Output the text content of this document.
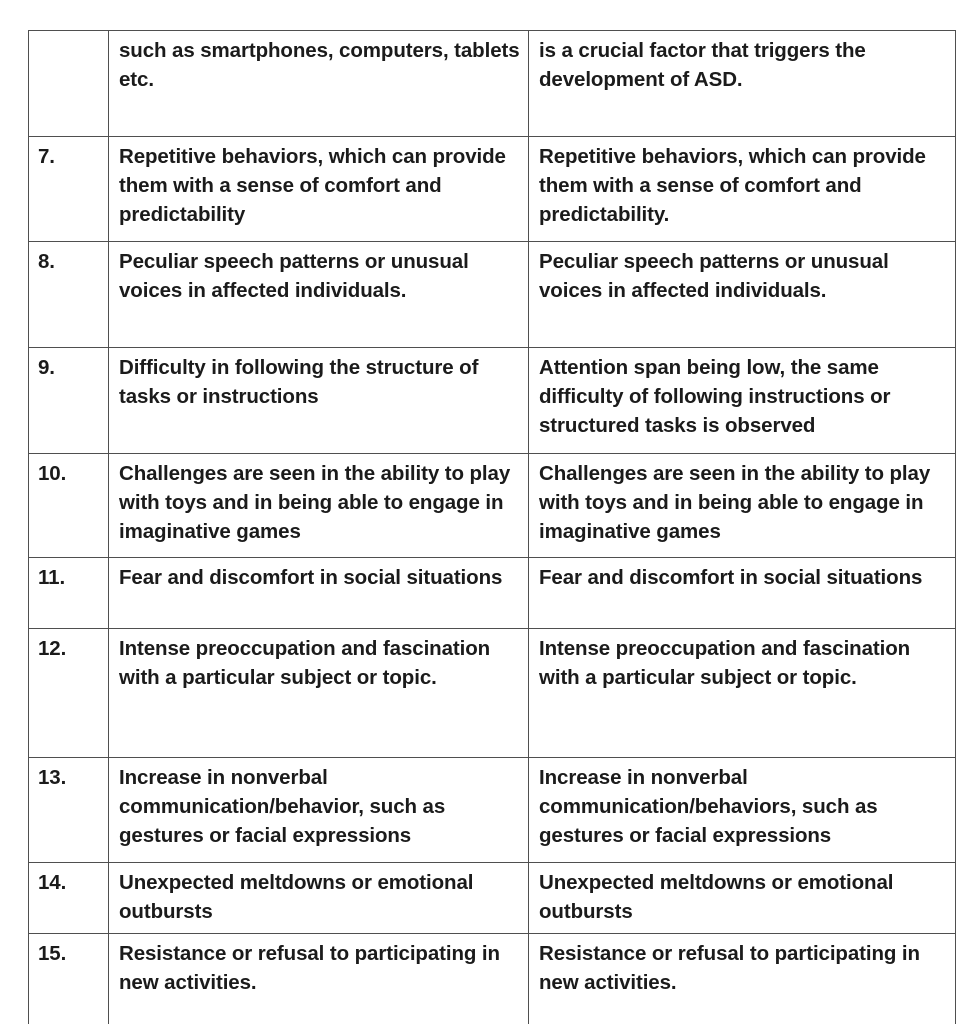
	such as smartphones, computers, tablets etc.	is a crucial factor that triggers the development of ASD.

7.	Repetitive behaviors, which can provide them with a sense of comfort and predictability	Repetitive behaviors, which can provide them with a sense of comfort and predictability.

8.	Peculiar speech patterns or unusual voices in affected individuals.	Peculiar speech patterns or unusual voices in affected individuals.

9.	Difficulty in following the structure of tasks or instructions	Attention span being low, the same difficulty of following instructions or structured tasks is observed

10.	Challenges are seen in the ability to play with toys and in being able to engage in imaginative games	Challenges are seen in the ability to play with toys and in being able to engage in imaginative games

11.	Fear and discomfort in social situations	Fear and discomfort in social situations

12.	Intense preoccupation and fascination with a particular subject or topic.	Intense preoccupation and fascination with a particular subject or topic.

13.	Increase in nonverbal communication/behavior, such as gestures or facial expressions	Increase in nonverbal communication/behaviors, such as gestures or facial expressions

14.	Unexpected meltdowns or emotional outbursts	Unexpected meltdowns or emotional outbursts

15.	Resistance or refusal to participating in new activities.	Resistance or refusal to participating in new activities.
